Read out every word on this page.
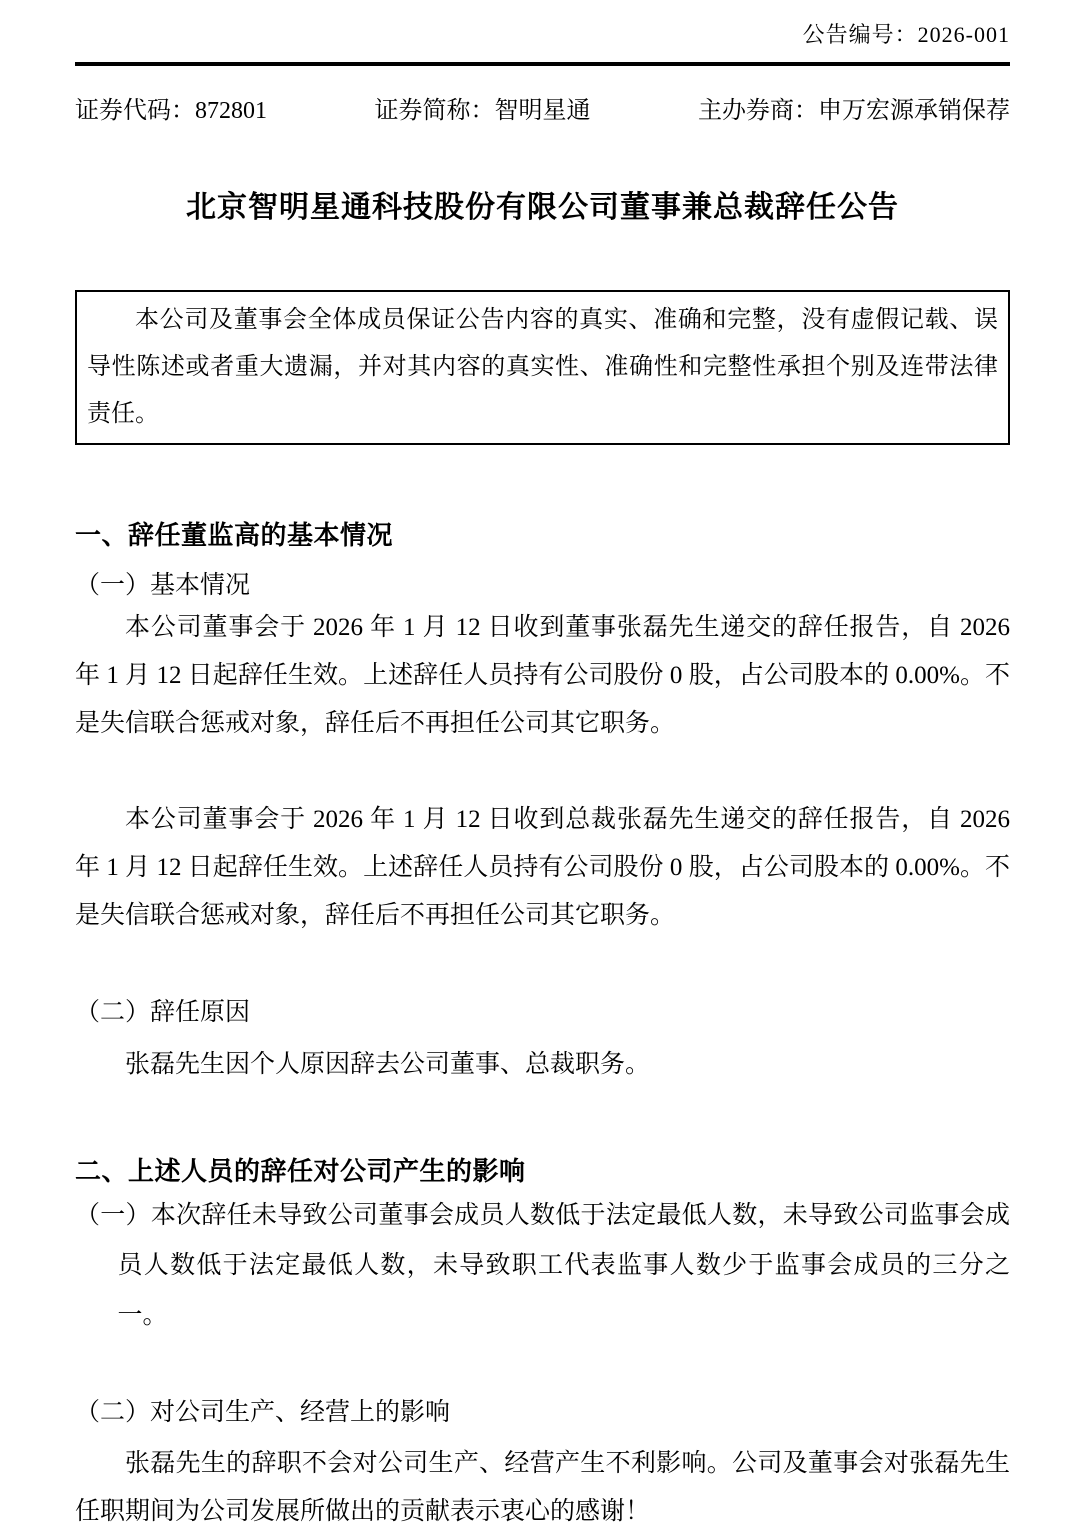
公告编号：2026-001
证券代码：872801	证券简称：智明星通	主办券商：申万宏源承销保荐
北京智明星通科技股份有限公司董事兼总裁辞任公告
本公司及董事会全体成员保证公告内容的真实、准确和完整，没有虚假记载、误导性陈述或者重大遗漏，并对其内容的真实性、准确性和完整性承担个别及连带法律责任。
一、辞任董监高的基本情况
（一）基本情况

本公司董事会于 2026 年 1 月 12 日收到董事张磊先生递交的辞任报告，自 2026 年 1 月 12 日起辞任生效。上述辞任人员持有公司股份 0 股，占公司股本的 0.00%。不是失信联合惩戒对象，辞任后不再担任公司其它职务。

本公司董事会于 2026 年 1 月 12 日收到总裁张磊先生递交的辞任报告，自 2026 年 1 月 12 日起辞任生效。上述辞任人员持有公司股份 0 股，占公司股本的 0.00%。不是失信联合惩戒对象，辞任后不再担任公司其它职务。

（二）辞任原因

张磊先生因个人原因辞去公司董事、总裁职务。

二、上述人员的辞任对公司产生的影响

（一）本次辞任未导致公司董事会成员人数低于法定最低人数，未导致公司监事会成员人数低于法定最低人数，未导致职工代表监事人数少于监事会成员的三分之一。

（二）对公司生产、经营上的影响

张磊先生的辞职不会对公司生产、经营产生不利影响。公司及董事会对张磊先生任职期间为公司发展所做出的贡献表示衷心的感谢！
